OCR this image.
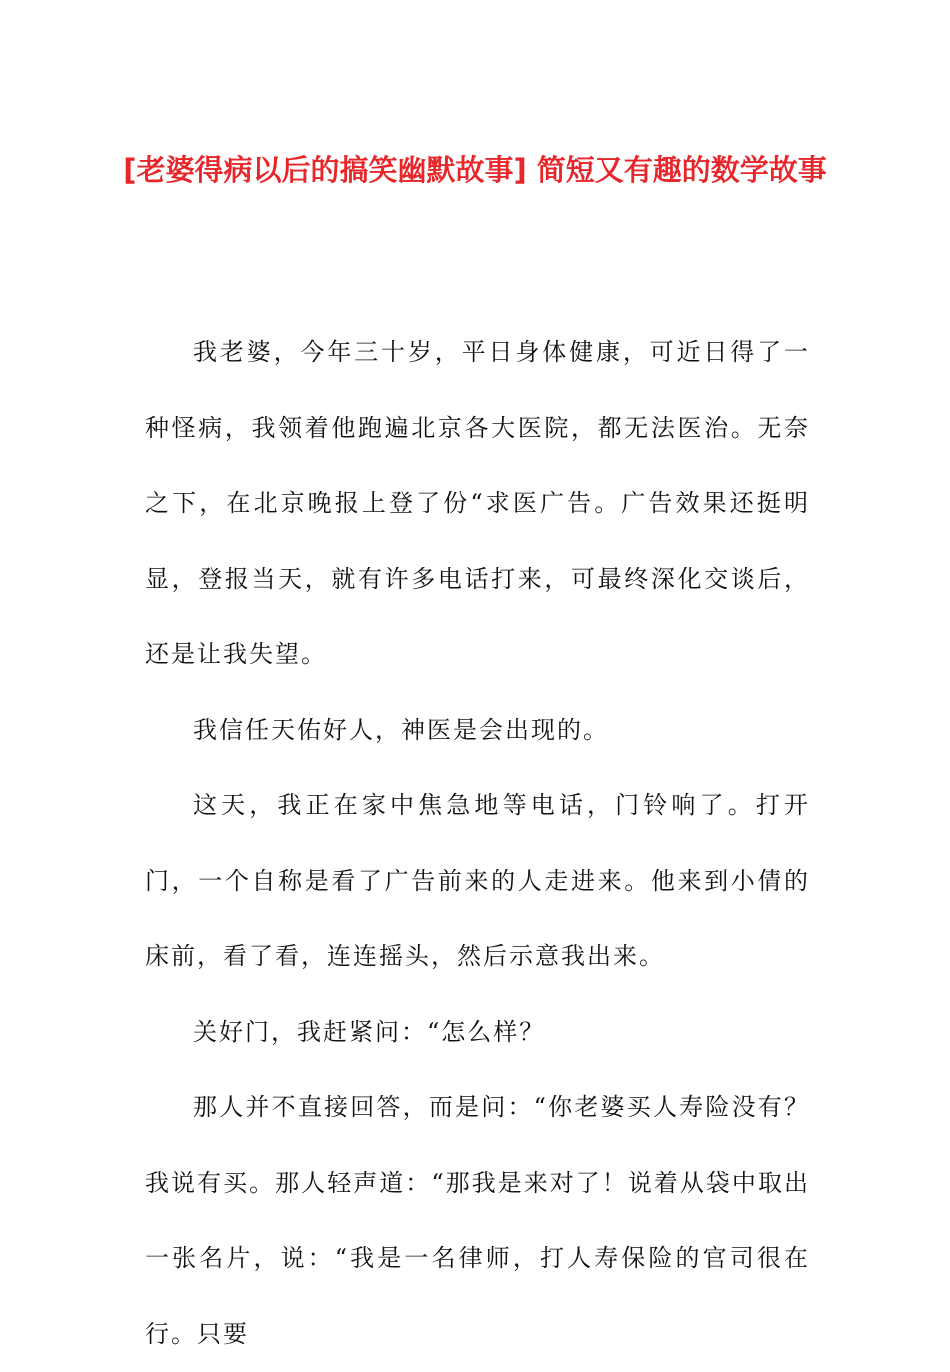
[老婆得病以后的搞笑幽默故事] 简短又有趣的数学故事

我老婆，今年三十岁，平日身体健康，可近日得了一种怪病，我领着他跑遍北京各大医院，都无法医治。无奈之下，在北京晚报上登了份“求医广告。广告效果还挺明显，登报当天，就有许多电话打来，可最终深化交谈后，还是让我失望。

我信任天佑好人，神医是会出现的。

这天，我正在家中焦急地等电话，门铃响了。打开门，一个自称是看了广告前来的人走进来。他来到小倩的床前，看了看，连连摇头，然后示意我出来。

关好门，我赶紧问：“怎么样？

那人并不直接回答，而是问：“你老婆买人寿险没有？我说有买。那人轻声道：“那我是来对了！说着从袋中取出一张名片，说：“我是一名律师，打人寿保险的官司很在行。只要
